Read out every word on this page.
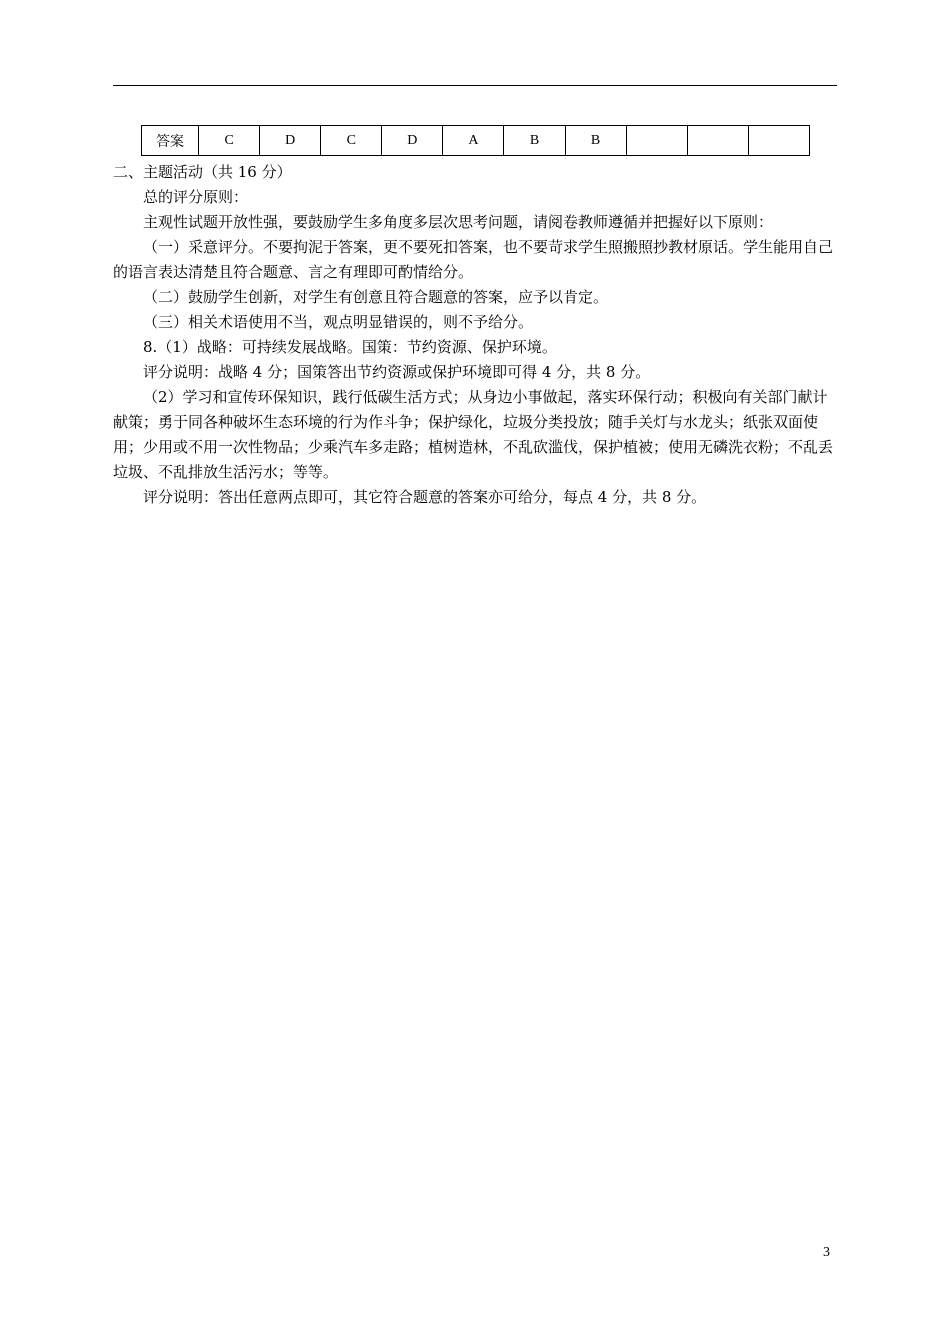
答案	C	D	C	D	A	B	B			

二、主题活动（共 16 分）

总的评分原则：

主观性试题开放性强，要鼓励学生多角度多层次思考问题，请阅卷教师遵循并把握好以下原则：

（一）采意评分。不要拘泥于答案，更不要死扣答案，也不要苛求学生照搬照抄教材原话。学生能用自己的语言表达清楚且符合题意、言之有理即可酌情给分。

（二）鼓励学生创新，对学生有创意且符合题意的答案，应予以肯定。

（三）相关术语使用不当，观点明显错误的，则不予给分。

8.（1）战略：可持续发展战略。国策：节约资源、保护环境。

评分说明：战略 4 分；国策答出节约资源或保护环境即可得 4 分，共 8 分。

（2）学习和宣传环保知识，践行低碳生活方式；从身边小事做起，落实环保行动；积极向有关部门献计献策；勇于同各种破坏生态环境的行为作斗争；保护绿化，垃圾分类投放；随手关灯与水龙头；纸张双面使用；少用或不用一次性物品；少乘汽车多走路；植树造林，不乱砍滥伐，保护植被；使用无磷洗衣粉；不乱丢垃圾、不乱排放生活污水；等等。

评分说明：答出任意两点即可，其它符合题意的答案亦可给分，每点 4 分，共 8 分。

3
